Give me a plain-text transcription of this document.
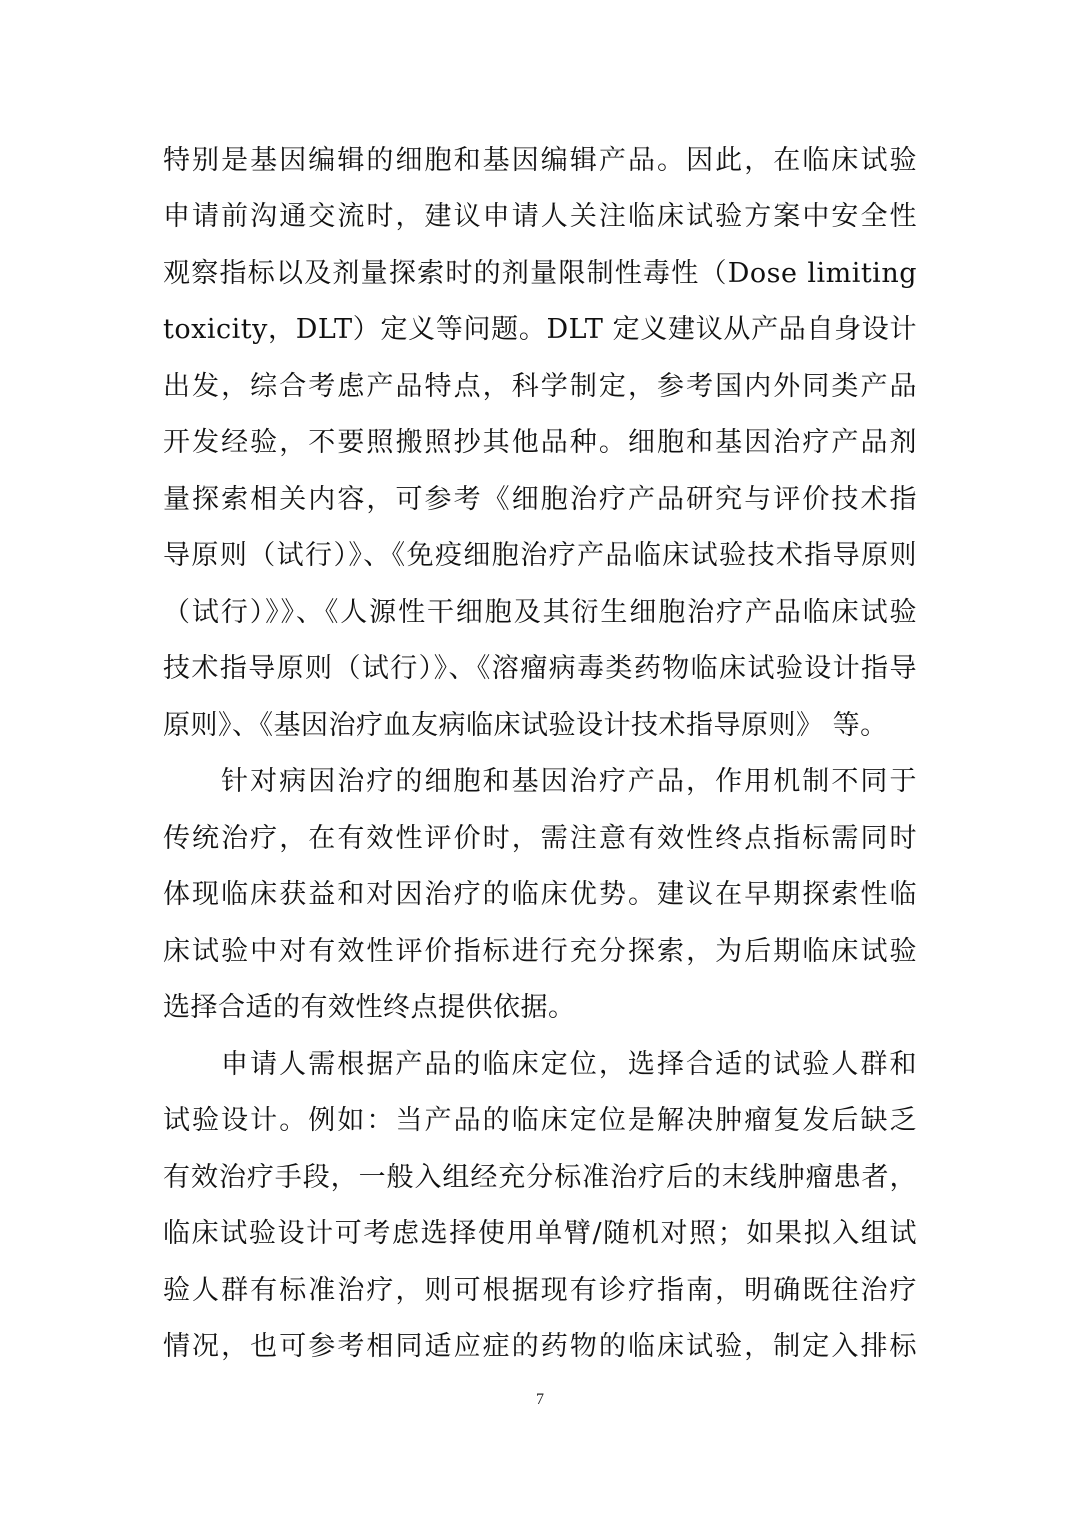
特别是基因编辑的细胞和基因编辑产品。因此，在临床试验
申请前沟通交流时，建议申请人关注临床试验方案中安全性
观察指标以及剂量探索时的剂量限制性毒性（Dose limiting
toxicity，DLT）定义等问题。DLT 定义建议从产品自身设计
出发，综合考虑产品特点，科学制定，参考国内外同类产品
开发经验，不要照搬照抄其他品种。细胞和基因治疗产品剂
量探索相关内容，可参考《细胞治疗产品研究与评价技术指
导原则（试行）》、《免疫细胞治疗产品临床试验技术指导原则
（试行）》》、《人源性干细胞及其衍生细胞治疗产品临床试验
技术指导原则（试行）》、《溶瘤病毒类药物临床试验设计指导
原则》、《基因治疗血友病临床试验设计技术指导原则》 等。
针对病因治疗的细胞和基因治疗产品，作用机制不同于
传统治疗，在有效性评价时，需注意有效性终点指标需同时
体现临床获益和对因治疗的临床优势。建议在早期探索性临
床试验中对有效性评价指标进行充分探索，为后期临床试验
选择合适的有效性终点提供依据。
申请人需根据产品的临床定位，选择合适的试验人群和
试验设计。例如：当产品的临床定位是解决肿瘤复发后缺乏
有效治疗手段，一般入组经充分标准治疗后的末线肿瘤患者，
临床试验设计可考虑选择使用单臂/随机对照；如果拟入组试
验人群有标准治疗，则可根据现有诊疗指南，明确既往治疗
情况，也可参考相同适应症的药物的临床试验，制定入排标
7
